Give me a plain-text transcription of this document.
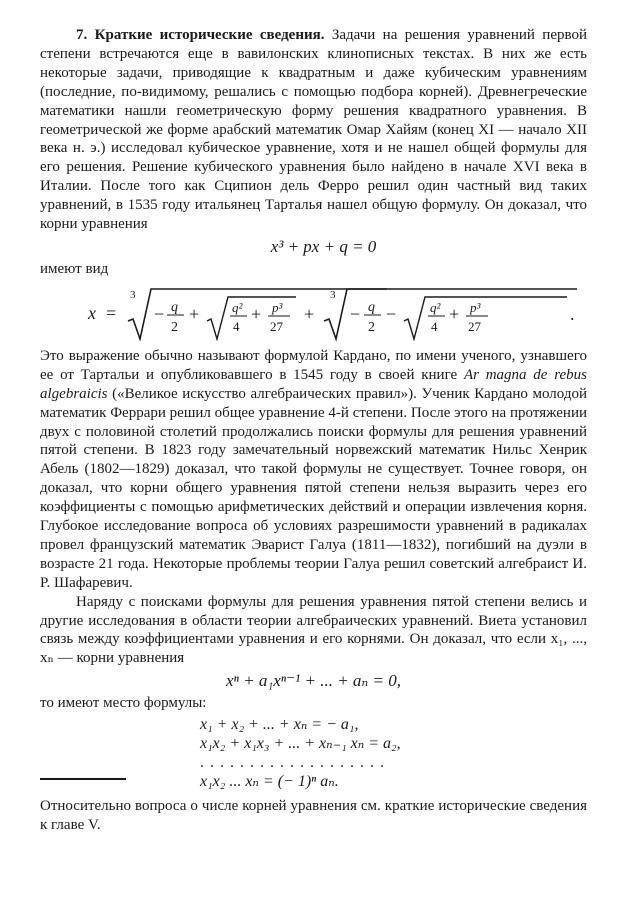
7. Краткие исторические сведения. Задачи на решения уравнений первой степени встречаются еще в вавилонских клинописных текстах. В них же есть некоторые задачи, приводящие к квадратным и даже кубическим уравнениям (последние, по-видимому, решались с помощью подбора корней). Древнегреческие математики нашли геометрическую форму решения квадратного уравнения. В геометрической же форме арабский математик Омар Хайям (конец XI — начало XII века н. э.) исследовал кубическое уравнение, хотя и не нашел общей формулы для его решения. Решение кубического уравнения было найдено в начале XVI века в Италии. После того как Сципион дель Ферро решил один частный вид таких уравнений, в 1535 году итальянец Тарталья нашел общую формулу. Он доказал, что корни уравнения

x³ + px + q = 0

имеют вид

x =
3
− q
2
+	q²
4
+ p³
27
+
3
− q
2
−	q²
4
+ p³
27
.

Это выражение обычно называют формулой Кардано, по имени ученого, узнавшего ее от Тартальи и опубликовавшего в 1545 году в своей книге Ar magna de rebus algebraicis («Великое искусство алгебраических правил»). Ученик Кардано молодой математик Феррари решил общее уравнение 4-й степени. После этого на протяжении двух с половиной столетий продолжались поиски формулы для решения уравнений пятой степени. В 1823 году замечательный норвежский математик Нильс Хенрик Абель (1802—1829) доказал, что такой формулы не существует. Точнее говоря, он доказал, что корни общего уравнения пятой степени нельзя выразить через его коэффициенты с помощью арифметических действий и операции извлечения корня. Глубокое исследование вопроса об условиях разрешимости уравнений в радикалах провел французский математик Эварист Галуа (1811—1832), погибший на дуэли в возрасте 21 года. Некоторые проблемы теории Галуа решил советский алгебраист И. Р. Шафаревич.

Наряду с поисками формулы для решения уравнения пятой степени велись и другие исследования в области теории алгебраических уравнений. Виета установил связь между коэффициентами уравнения и его корнями. Он доказал, что если x₁, ..., xₙ — корни уравнения

xⁿ + a₁xⁿ⁻¹ + ... + aₙ = 0,

то имеют место формулы:

x₁ + x₂ + ... + xₙ = − a₁,
x₁x₂ + x₁x₃ + ... + xₙ₋₁ xₙ = a₂,
...................
x₁x₂ ... xₙ = (− 1)ⁿ aₙ.

Относительно вопроса о числе корней уравнения см. краткие исторические сведения к главе V.
